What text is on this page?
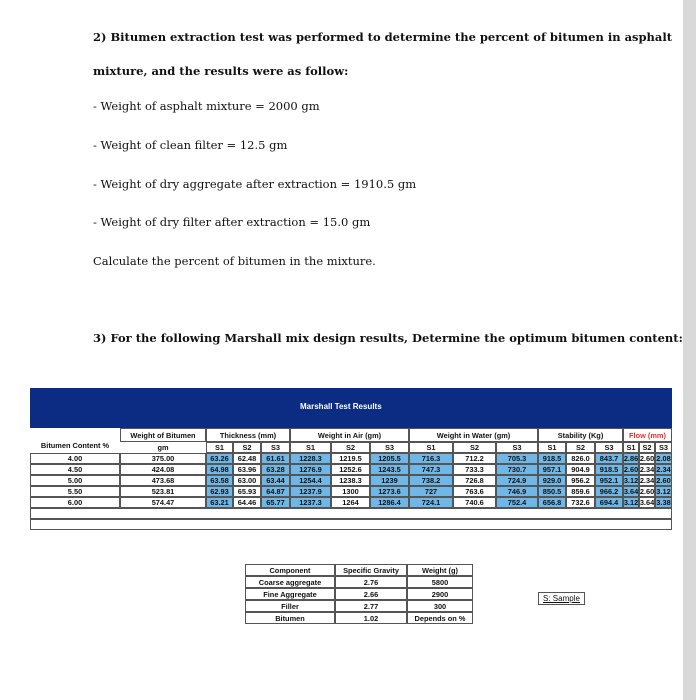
2) Bitumen extraction test was performed to determine the percent of bitumen in asphalt
mixture, and the results were as follow:
- Weight of asphalt mixture = 2000 gm
- Weight of clean filter = 12.5 gm
- Weight of dry aggregate after extraction = 1910.5 gm
- Weight of dry filter after extraction = 15.0 gm
Calculate the percent of bitumen in the mixture.
3) For the following Marshall mix design results, Determine the optimum bitumen content:
Marshall Test Results
Bitumen Content %
Weight of Bitumen
gm
Thickness (mm)	Weight in Air (gm)	Weight in Water (gm)	Stability (Kg)	Flow (mm)
S1	S2	S3	S1	S2	S3	S1	S2	S3	S1	S2	S3	S1 S2	S3
4.00	375.00	63.26	62.48	61.61	1228.3	1219.5	1205.5	716.3	712.2	705.3	918.5	826.0	843.7 2.86 2.60 2.08
4.50	424.08	64.98	63.96	63.28	1276.9	1252.6	1243.5	747.3	733.3	730.7	957.1	904.9	918.5 2.60 2.34 2.34
5.00	473.68	63.58	63.00	63.44	1254.4	1238.3	1239	738.2	726.8	724.9	929.0	956.2	952.1 3.12 2.34 2.60
5.50	523.81	62.93	65.93	64.87	1237.9	1300	1273.6	727	763.6	746.9	850.5	859.6	966.2 3.64 2.60 3.12
6.00	574.47	63.21	64.46	65.77	1237.3	1264	1286.4	724.1	740.6	752.4	656.8	732.6	694.4 3.12 3.64 3.38
Component	Specific Gravity	Weight (g)
Coarse aggregate	2.76	5800
Fine Aggregate	2.66	2900
Filler	2.77	300
Bitumen	1.02	Depends on %
S: Sample
